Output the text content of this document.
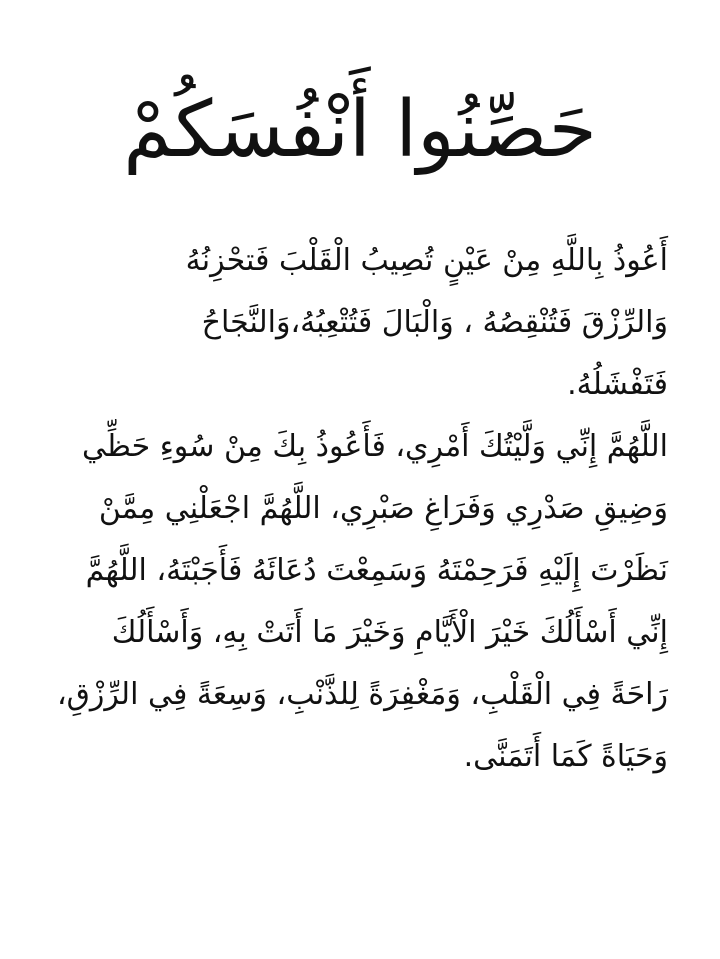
حَصِّنُوا أَنْفُسَكُمْ

أَعُوذُ بِاللَّهِ مِنْ عَيْنٍ تُصِيبُ الْقَلْبَ فَتحْزِنُهُ
وَالرِّزْقَ فَتُنْقِصُهُ ، وَالْبَالَ فَتُتْعِبُهُ،وَالنَّجَاحُ
فَتَفْشَلُهُ.

اللَّهُمَّ إِنِّي وَلَّيْتُكَ أَمْرِي، فَأَعُوذُ بِكَ مِنْ سُوءِ حَظِّي
وَضِيقِ صَدْرِي وَفَرَاغِ صَبْرِي، اللَّهُمَّ اجْعَلْنِي مِمَّنْ
نَظَرْتَ إِلَيْهِ فَرَحِمْتَهُ وَسَمِعْتَ دُعَائَهُ فَأَجَبْتَهُ، اللَّهُمَّ
إِنِّي أَسْأَلُكَ خَيْرَ الْأَيَّامِ وَخَيْرَ مَا أَتَتْ بِهِ، وَأَسْأَلُكَ
رَاحَةً فِي الْقَلْبِ، وَمَغْفِرَةً لِلذَّنْبِ، وَسِعَةً فِي الرِّزْقِ،
وَحَيَاةً كَمَا أَتَمَنَّى.
